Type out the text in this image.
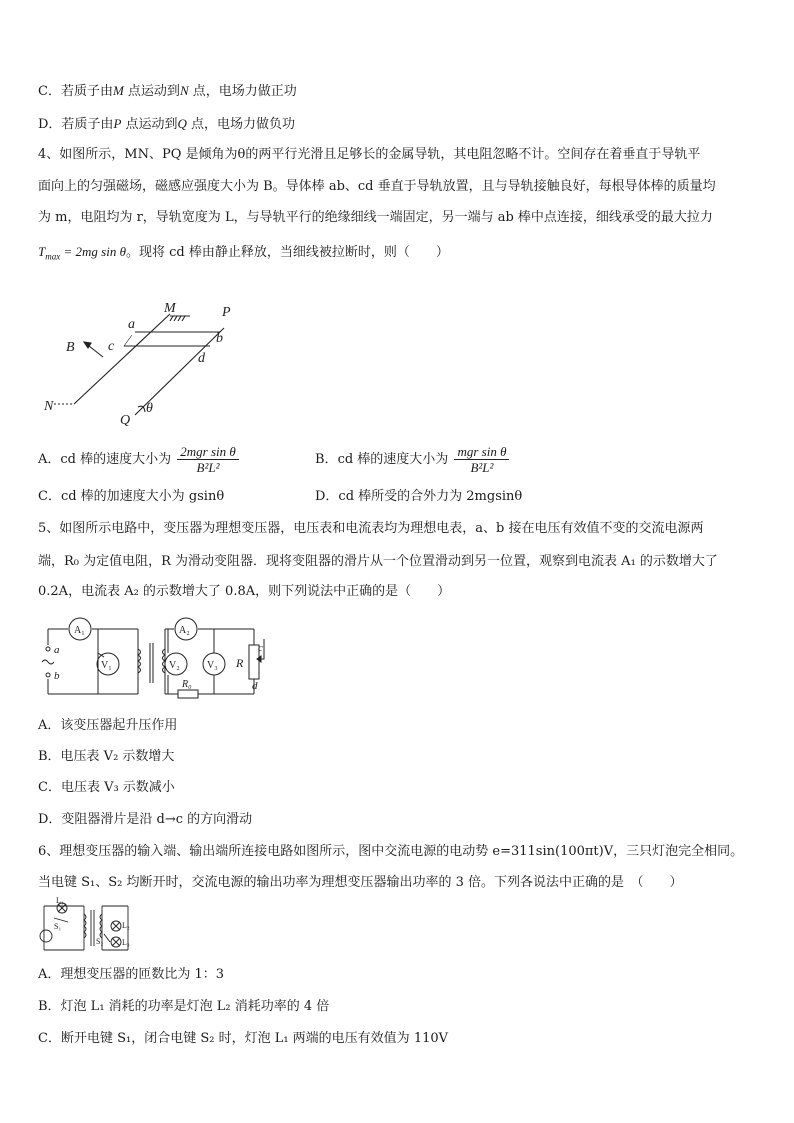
C．若质子由M 点运动到N 点，电场力做正功
D．若质子由P 点运动到Q 点，电场力做负功
4、如图所示，MN、PQ 是倾角为θ的两平行光滑且足够长的金属导轨，其电阻忽略不计。空间存在着垂直于导轨平
面向上的匀强磁场，磁感应强度大小为 B。导体棒 ab、cd 垂直于导轨放置，且与导轨接触良好，每根导体棒的质量均
为 m，电阻均为 r，导轨宽度为 L，与导轨平行的绝缘细线一端固定，另一端与 ab 棒中点连接，细线承受的最大拉力
$T_{max} = 2mg$ sin θ。现将 cd 棒由静止释放，当细线被拉断时，则（　　）
M	P
a
b
B c
d
N
Q
θ
A．cd 棒的速度大小为 $\frac{\text{2mgr sin θ}}{\text{B²L²}}$	B．cd 棒的速度大小为 $\frac{\text{mgr sin θ}}{\text{B²L²}}$
C．cd 棒的加速度大小为 gsinθ	D．cd 棒所受的合外力为 2mgsinθ
5、如图所示电路中，变压器为理想变压器，电压表和电流表均为理想电表，a、b 接在电压有效值不变的交流电源两
端，R₀ 为定值电阻，R 为滑动变阻器．现将变阻器的滑片从一个位置滑动到另一位置，观察到电流表 A₁ 的示数增大了
0.2A，电流表 A₂ 的示数增大了 0.8A，则下列说法中正确的是（　　）
A₁
V₁
A₂
V₂	V₃ R
R₀
a
b
c
d
A．该变压器起升压作用
B．电压表 V₂ 示数增大
C．电压表 V₃ 示数减小
D．变阻器滑片是沿 d→c 的方向滑动
6、理想变压器的输入端、输出端所连接电路如图所示，图中交流电源的电动势 e=311sin(100πt)V，三只灯泡完全相同。
当电键 S₁、S₂ 均断开时，交流电源的输出功率为理想变压器输出功率的 3 倍。下列各说法中正确的是　（　　）
L₁
S₁	L₂
L₃
S₂
A．理想变压器的匝数比为 1：3
B．灯泡 L₁ 消耗的功率是灯泡 L₂ 消耗功率的 4 倍
C．断开电键 S₁，闭合电键 S₂ 时，灯泡 L₁ 两端的电压有效值为 110V
